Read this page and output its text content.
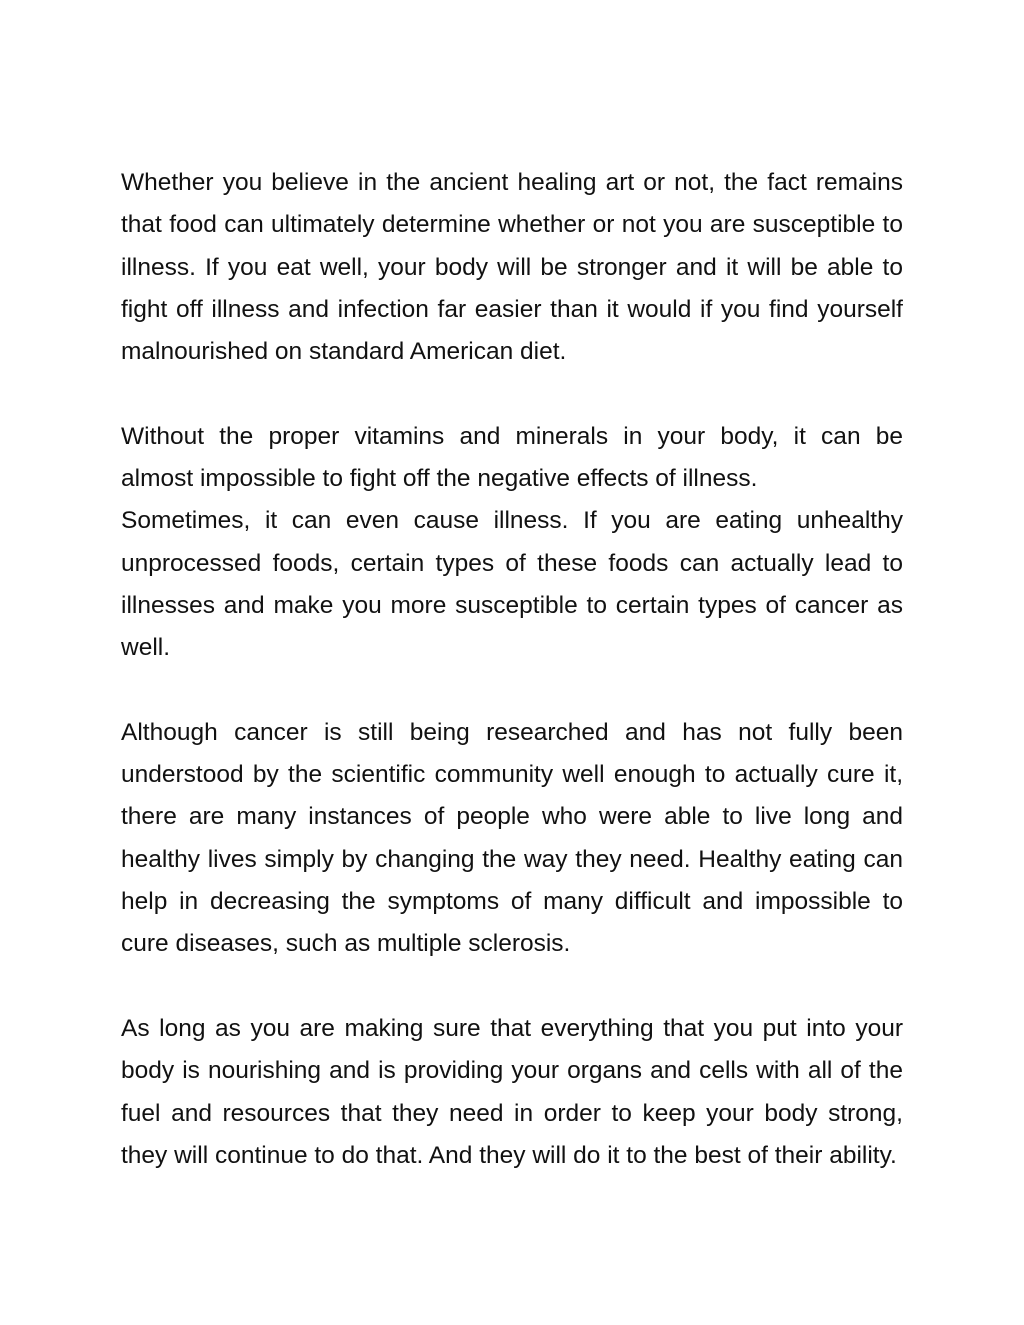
Whether you believe in the ancient healing art or not, the fact remains that food can ultimately determine whether or not you are susceptible to illness. If you eat well, your body will be stronger and it will be able to fight off illness and infection far easier than it would if you find yourself malnourished on standard American diet.

Without the proper vitamins and minerals in your body, it can be
almost impossible to fight off the negative effects of illness.
Sometimes, it can even cause illness. If you are eating unhealthy unprocessed foods, certain types of these foods can actually lead to illnesses and make you more susceptible to certain types of cancer as well.

Although cancer is still being researched and has not fully been understood by the scientific community well enough to actually cure it, there are many instances of people who were able to live long and healthy lives simply by changing the way they need. Healthy eating can help in decreasing the symptoms of many difficult and impossible to cure diseases, such as multiple sclerosis.

As long as you are making sure that everything that you put into your body is nourishing and is providing your organs and cells with all of the fuel and resources that they need in order to keep your body strong, they will continue to do that. And they will do it to the best of their ability.
